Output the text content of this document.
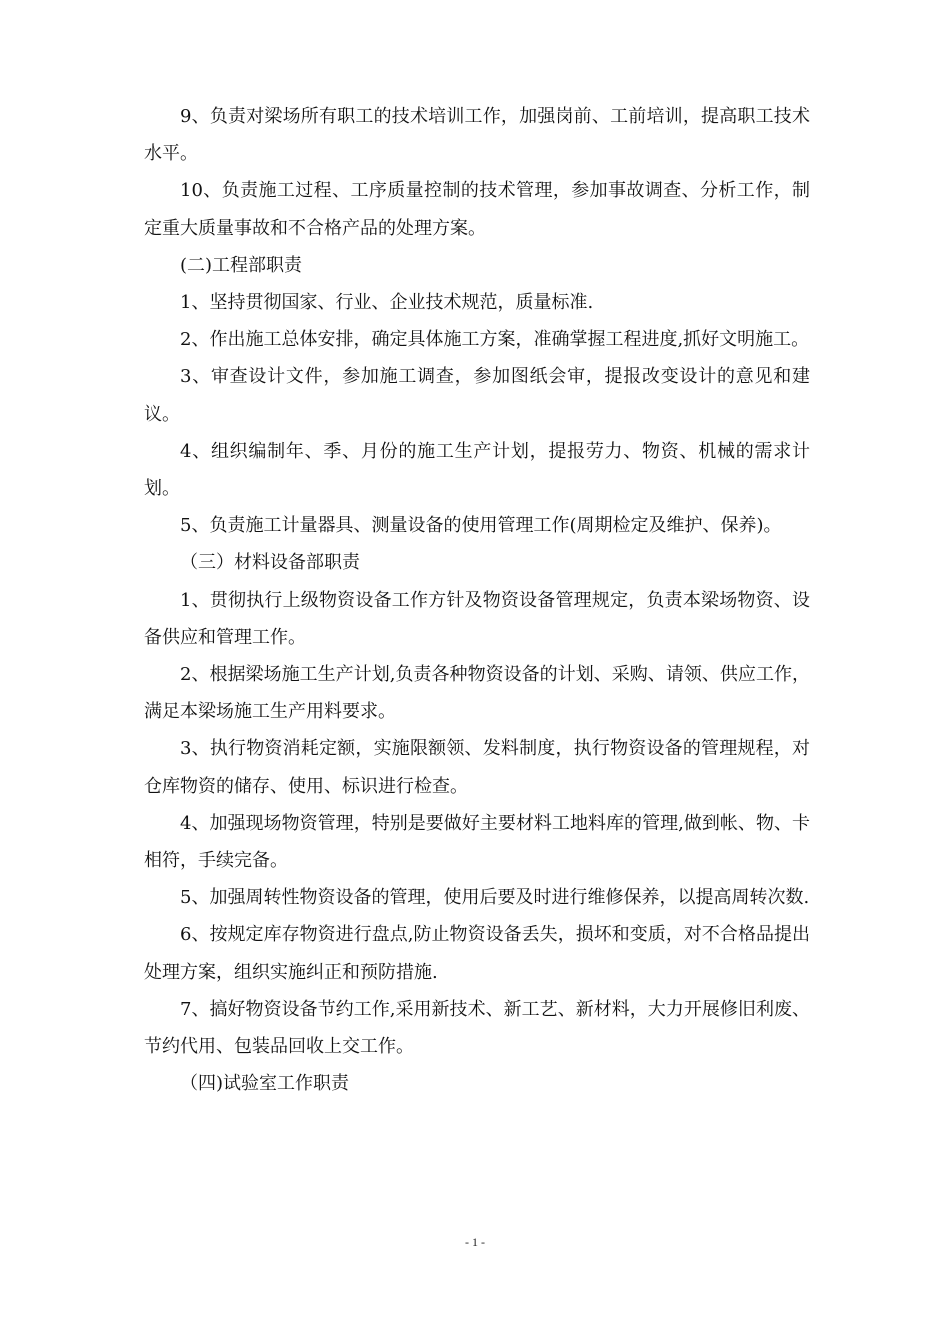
9、负责对梁场所有职工的技术培训工作，加强岗前、工前培训，提高职工技术水平。

10、负责施工过程、工序质量控制的技术管理，参加事故调查、分析工作，制定重大质量事故和不合格产品的处理方案。

(二)工程部职责

1、坚持贯彻国家、行业、企业技术规范，质量标准.

2、作出施工总体安排，确定具体施工方案，准确掌握工程进度,抓好文明施工。

3、审查设计文件，参加施工调查，参加图纸会审，提报改变设计的意见和建议。

4、组织编制年、季、月份的施工生产计划，提报劳力、物资、机械的需求计划。

5、负责施工计量器具、测量设备的使用管理工作(周期检定及维护、保养)。

（三）材料设备部职责

1、贯彻执行上级物资设备工作方针及物资设备管理规定，负责本梁场物资、设备供应和管理工作。

2、根据梁场施工生产计划,负责各种物资设备的计划、采购、请领、供应工作，满足本梁场施工生产用料要求。

3、执行物资消耗定额，实施限额领、发料制度，执行物资设备的管理规程，对仓库物资的储存、使用、标识进行检查。

4、加强现场物资管理，特别是要做好主要材料工地料库的管理,做到帐、物、卡相符，手续完备。

5、加强周转性物资设备的管理，使用后要及时进行维修保养，以提高周转次数.

6、按规定库存物资进行盘点,防止物资设备丢失，损坏和变质，对不合格品提出处理方案，组织实施纠正和预防措施.

7、搞好物资设备节约工作,采用新技术、新工艺、新材料，大力开展修旧利废、节约代用、包装品回收上交工作。

（四)试验室工作职责

- 1 -
